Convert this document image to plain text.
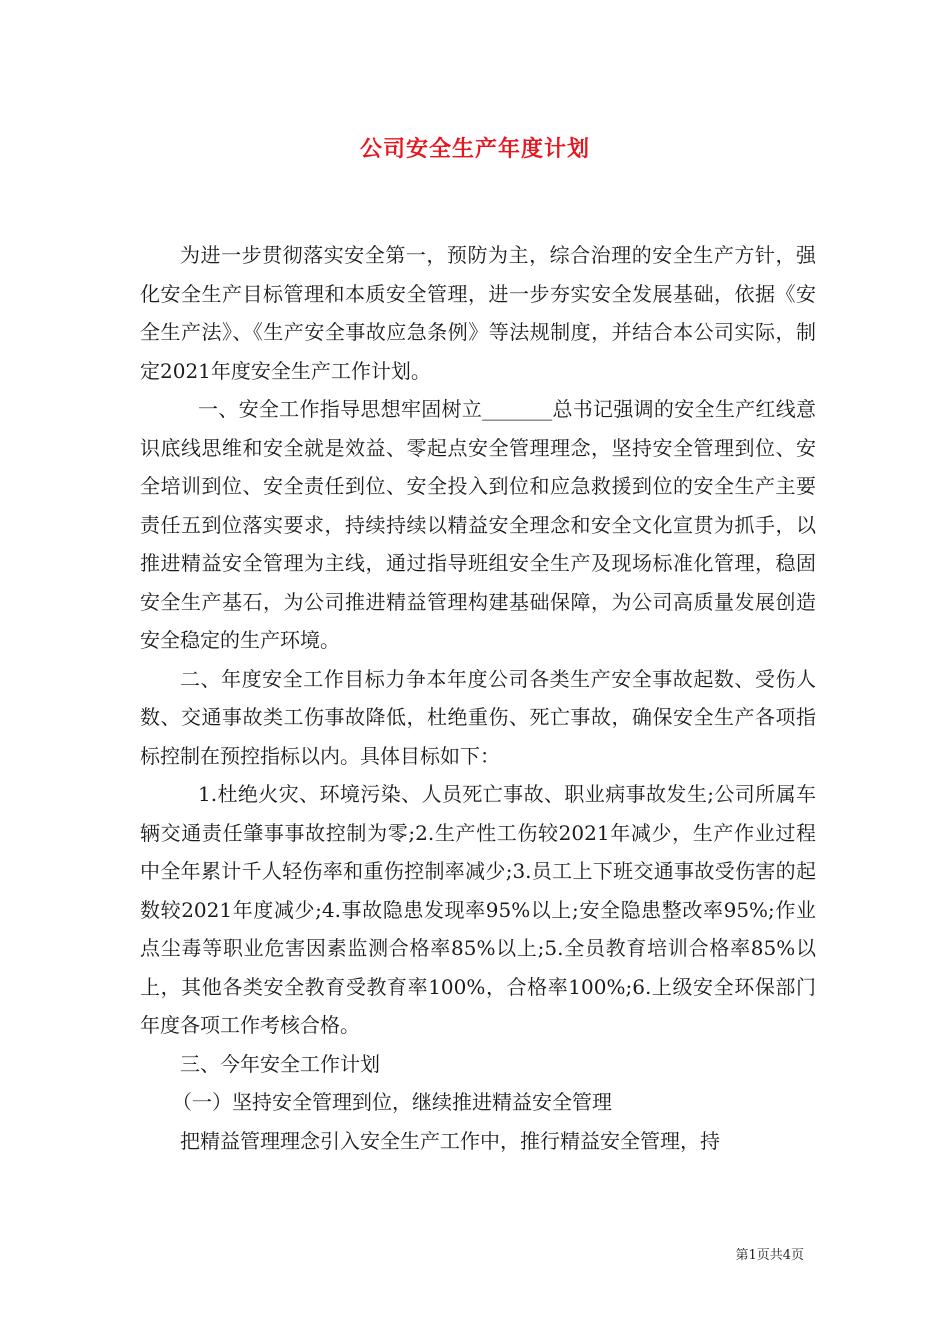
公司安全生产年度计划

为进一步贯彻落实安全第一，预防为主，综合治理的安全生产方针，强化安全生产目标管理和本质安全管理，进一步夯实安全发展基础，依据《安全生产法》、《生产安全事故应急条例》等法规制度，并结合本公司实际，制定2021年度安全生产工作计划。

一、安全工作指导思想牢固树立_______总书记强调的安全生产红线意识底线思维和安全就是效益、零起点安全管理理念，坚持安全管理到位、安全培训到位、安全责任到位、安全投入到位和应急救援到位的安全生产主要责任五到位落实要求，持续持续以精益安全理念和安全文化宣贯为抓手，以推进精益安全管理为主线，通过指导班组安全生产及现场标准化管理，稳固安全生产基石，为公司推进精益管理构建基础保障，为公司高质量发展创造安全稳定的生产环境。

二、年度安全工作目标力争本年度公司各类生产安全事故起数、受伤人数、交通事故类工伤事故降低，杜绝重伤、死亡事故，确保安全生产各项指标控制在预控指标以内。具体目标如下：

1.杜绝火灾、环境污染、人员死亡事故、职业病事故发生;公司所属车辆交通责任肇事事故控制为零;2.生产性工伤较2021年减少，生产作业过程中全年累计千人轻伤率和重伤控制率减少;3.员工上下班交通事故受伤害的起数较2021年度减少;4.事故隐患发现率95%以上;安全隐患整改率95%;作业点尘毒等职业危害因素监测合格率85%以上;5.全员教育培训合格率85%以上，其他各类安全教育受教育率100%，合格率100%;6.上级安全环保部门年度各项工作考核合格。

三、今年安全工作计划

（一）坚持安全管理到位，继续推进精益安全管理

把精益管理理念引入安全生产工作中，推行精益安全管理，持

第1页共4页
